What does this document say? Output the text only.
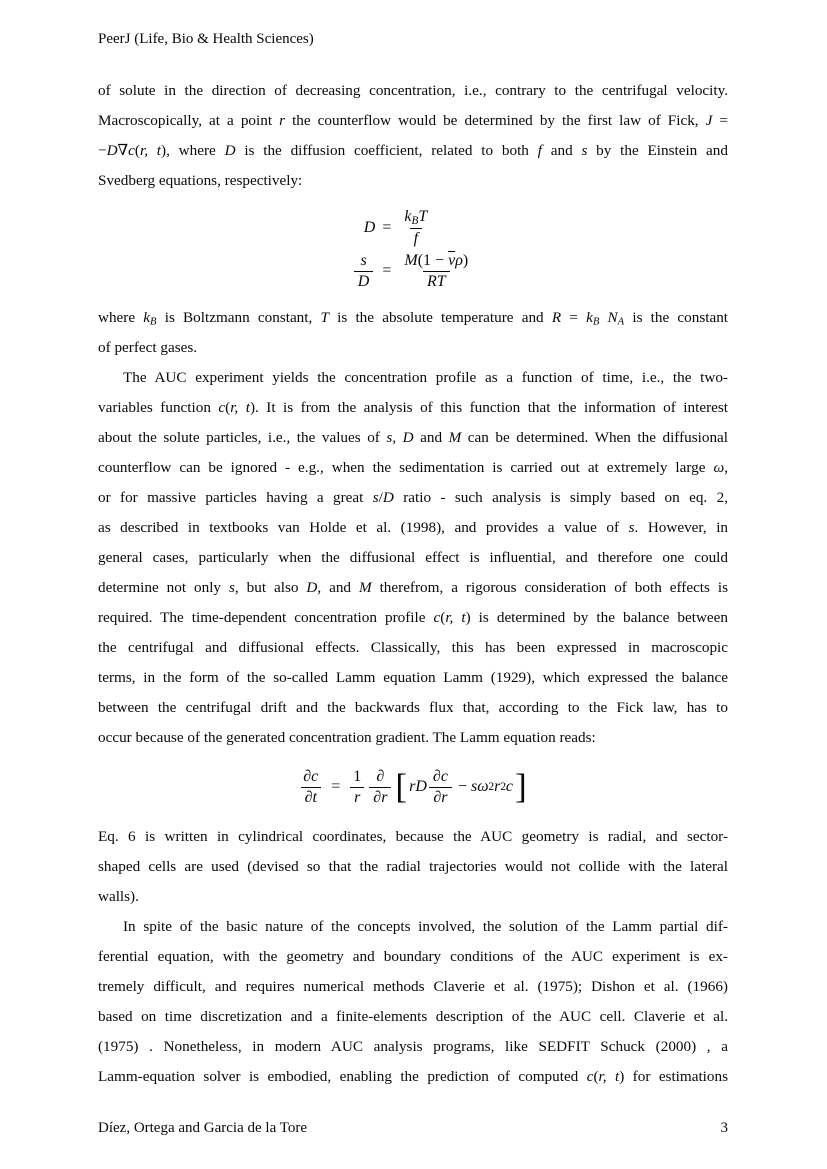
PeerJ (Life, Bio & Health Sciences)
of solute in the direction of decreasing concentration, i.e., contrary to the centrifugal velocity.
Macroscopically, at a point r the counterflow would be determined by the first law of Fick, J =
−D∇c(r, t), where D is the diffusion coefficient, related to both f and s by the Einstein and
Svedberg equations, respectively:
D	=	$\frac{\text{kBT}}{f}$

$\frac{s}{D}$	=	$\frac{M(1 - \overline{\nu}\rho)}{RT}$
where kB is Boltzmann constant, T is the absolute temperature and R = kB NA is the constant
of perfect gases.
The AUC experiment yields the concentration profile as a function of time, i.e., the two-
variables function c(r, t). It is from the analysis of this function that the information of interest
about the solute particles, i.e., the values of s, D and M can be determined. When the diffusional
counterflow can be ignored - e.g., when the sedimentation is carried out at extremely large ω,
or for massive particles having a great s/D ratio - such analysis is simply based on eq. 2,
as described in textbooks van Holde et al. (1998), and provides a value of s. However, in
general cases, particularly when the diffusional effect is influential, and therefore one could
determine not only s, but also D, and M therefrom, a rigorous consideration of both effects is
required. The time-dependent concentration profile c(r, t) is determined by the balance between
the centrifugal and diffusional effects. Classically, this has been expressed in macroscopic
terms, in the form of the so-called Lamm equation Lamm (1929), which expressed the balance
between the centrifugal drift and the backwards flux that, according to the Fick law, has to
occur because of the generated concentration gradient. The Lamm equation reads:
$\frac{\partial c}{\partial t}$	=	$\frac{1}{r} \frac{\partial}{\partial r}$ [ rD $\frac{\partial c}{\partial r} - s\omega$ 2 r 2 c ]
Eq. 6 is written in cylindrical coordinates, because the AUC geometry is radial, and sector-
shaped cells are used (devised so that the radial trajectories would not collide with the lateral
walls).
In spite of the basic nature of the concepts involved, the solution of the Lamm partial dif-
ferential equation, with the geometry and boundary conditions of the AUC experiment is ex-
tremely difficult, and requires numerical methods Claverie et al. (1975); Dishon et al. (1966)
based on time discretization and a finite-elements description of the AUC cell. Claverie et al.
(1975) . Nonetheless, in modern AUC analysis programs, like SEDFIT Schuck (2000) , a
Lamm-equation solver is embodied, enabling the prediction of computed c(r, t) for estimations
Díez, Ortega and Garcia de la Tore	3
